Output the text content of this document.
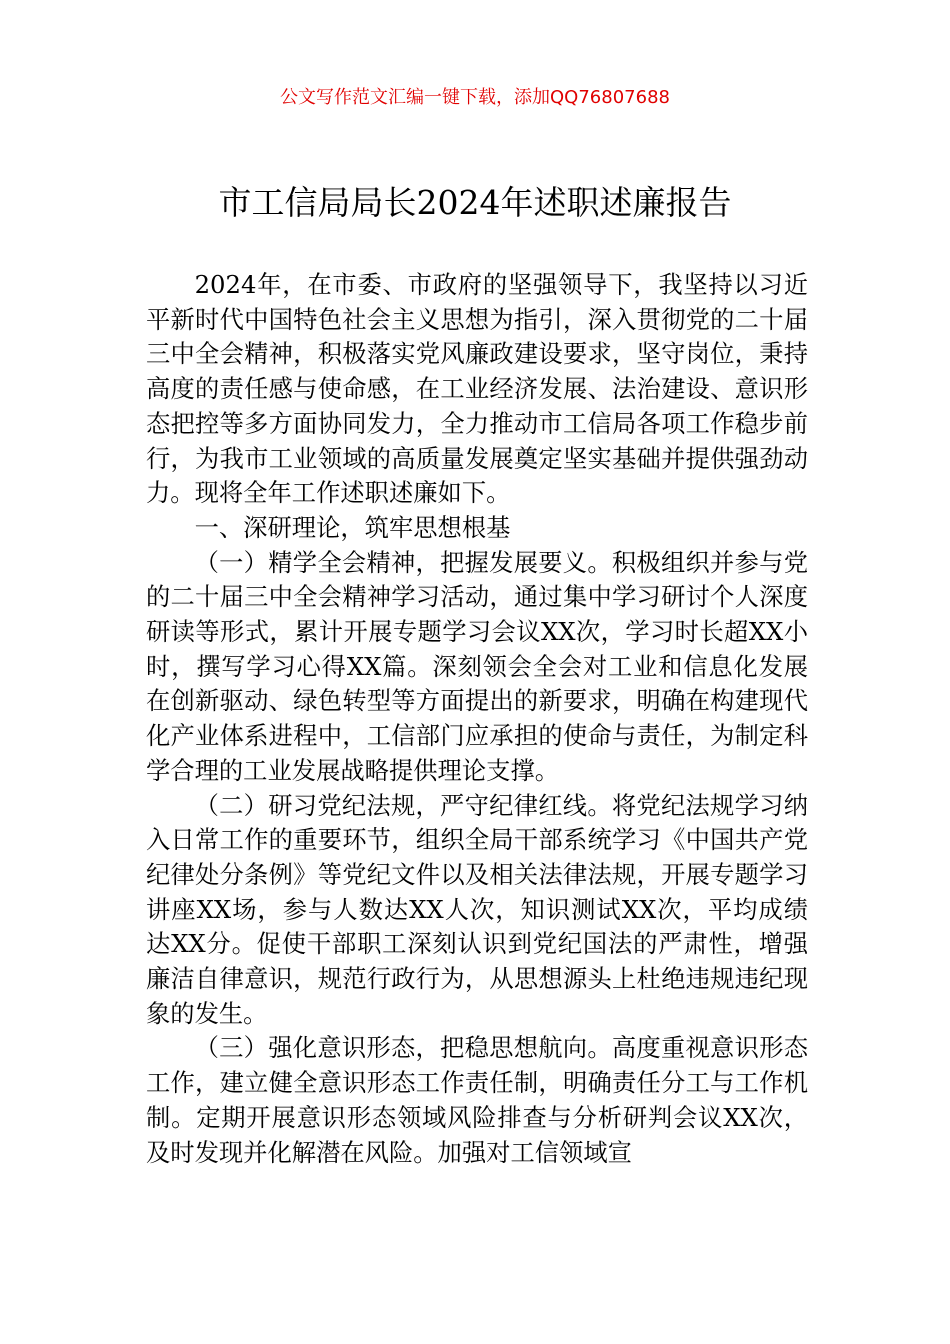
公文写作范文汇编一键下载，添加QQ76807688
市工信局局长2024年述职述廉报告

2024年，在市委、市政府的坚强领导下，我坚持以习近平新时代中国特色社会主义思想为指引，深入贯彻党的二十届三中全会精神，积极落实党风廉政建设要求，坚守岗位，秉持高度的责任感与使命感，在工业经济发展、法治建设、意识形态把控等多方面协同发力，全力推动市工信局各项工作稳步前行，为我市工业领域的高质量发展奠定坚实基础并提供强劲动力。现将全年工作述职述廉如下。

一、深研理论，筑牢思想根基

（一）精学全会精神，把握发展要义。积极组织并参与党的二十届三中全会精神学习活动，通过集中学习研讨个人深度研读等形式，累计开展专题学习会议XX次，学习时长超XX小时，撰写学习心得XX篇。深刻领会全会对工业和信息化发展在创新驱动、绿色转型等方面提出的新要求，明确在构建现代化产业体系进程中，工信部门应承担的使命与责任，为制定科学合理的工业发展战略提供理论支撑。

（二）研习党纪法规，严守纪律红线。将党纪法规学习纳入日常工作的重要环节，组织全局干部系统学习《中国共产党纪律处分条例》等党纪文件以及相关法律法规，开展专题学习讲座XX场，参与人数达XX人次，知识测试XX次，平均成绩达XX分。促使干部职工深刻认识到党纪国法的严肃性，增强廉洁自律意识，规范行政行为，从思想源头上杜绝违规违纪现象的发生。

（三）强化意识形态，把稳思想航向。高度重视意识形态工作，建立健全意识形态工作责任制，明确责任分工与工作机制。定期开展意识形态领域风险排查与分析研判会议XX次，及时发现并化解潜在风险。加强对工信领域宣
